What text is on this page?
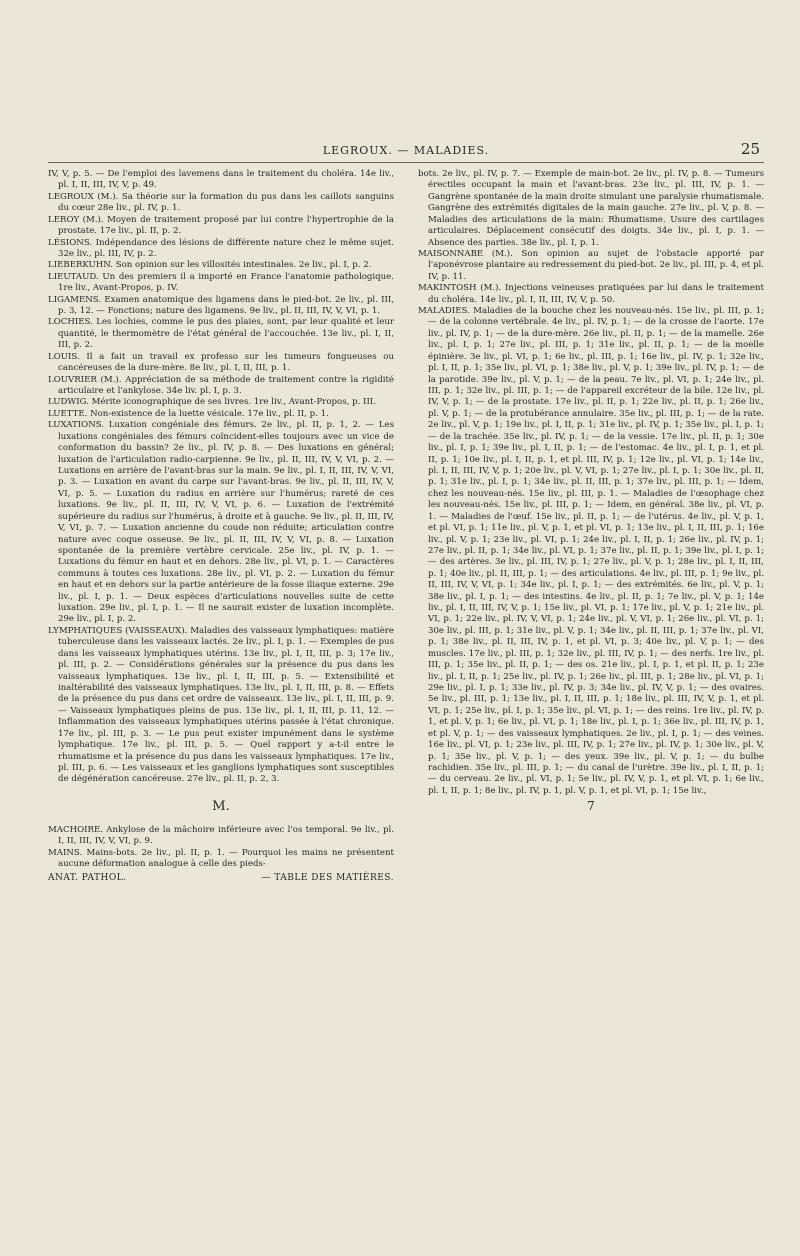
LEGROUX. — MALADIES.	25

IV, V, p. 5. — De l'emploi des lavemens dans le traitement du choléra. 14e liv., pl. I, II, III, IV, V, p. 49.

LEGROUX (M.). Sa théorie sur la formation du pus dans les caillots sanguins du cœur 28e liv., pl. IV, p. 1.

LEROY (M.). Moyen de traitement proposé par lui contre l'hypertrophie de la prostate. 17e liv., pl. II, p. 2.

LÉSIONS. Indépendance des lésions de différente nature chez le même sujet. 32e liv., pl. III, IV, p. 2.

LIEBERKUHN. Son opinion sur les villosités intestinales. 2e liv., pl. I, p. 2.

LIEUTAUD. Un des premiers il a importé en France l'anatomie pathologique. 1re liv., Avant-Propos, p. IV.

LIGAMENS. Examen anatomique des ligamens dans le pied-bot. 2e liv., pl. III, p. 3, 12. — Fonctions; nature des ligamens. 9e liv., pl. II, III, IV, V, VI, p. 1.

LOCHIES. Les lochies, comme le pus des plaies, sont, par leur qualité et leur quantité, le thermomètre de l'état général de l'accouchée. 13e liv., pl. I, II, III, p. 2.

LOUIS. Il a fait un travail ex professo sur les tumeurs fongueuses ou cancéreuses de la dure-mère. 8e liv., pl. I, II, III, p. 1.

LOUVRIER (M.). Appréciation de sa méthode de traitement contre la rigidité articulaire et l'ankylose. 34e liv. pl. I, p. 3.

LUDWIG. Mérite iconographique de ses livres. 1re liv., Avant-Propos, p. III.

LUETTE. Non-existence de la luette vésicale. 17e liv., pl. II, p. 1.

LUXATIONS. Luxation congéniale des fémurs. 2e liv., pl. II, p. 1, 2. — Les luxations congéniales des fémurs coïncident-elles toujours avec un vice de conformation du bassin? 2e liv., pl. IV, p. 8. — Des luxations en général; luxation de l'articulation radio-carpienne. 9e liv., pl. II, III, IV, V, VI, p. 2. — Luxations en arrière de l'avant-bras sur la main. 9e liv., pl. I, II, III, IV, V, VI, p. 3. — Luxation en avant du carpe sur l'avant-bras. 9e liv., pl. II, III, IV, V, VI, p. 5. — Luxation du radius en arrière sur l'humérus; rareté de ces luxations. 9e liv., pl. II, III, IV, V, VI, p. 6. — Luxation de l'extrémité supérieure du radius sur l'humérus, à droite et à gauche. 9e liv., pl. II, III, IV, V, VI, p. 7. — Luxation ancienne du coude non réduite; articulation contre nature avec coque osseuse. 9e liv., pl. II, III, IV, V, VI, p. 8. — Luxation spontanée de la première vertèbre cervicale. 25e liv., pl. IV, p. 1. — Luxations du fémur en haut et en dehors. 28e liv., pl. VI, p. 1. — Caractères communs à toutes ces luxations. 28e liv., pl. VI, p. 2. — Luxation du fémur en haut et en dehors sur la partie antérieure de la fosse iliaque externe. 29e liv., pl. I, p. 1. — Deux espèces d'articulations nouvelles suite de cette luxation. 29e liv., pl. I, p. 1. — Il ne saurait exister de luxation incomplète. 29e liv., pl. I, p. 2.

LYMPHATIQUES (VAISSEAUX). Maladies des vaisseaux lymphatiques: matière tuberculeuse dans les vaisseaux lactés. 2e liv., pl. I, p. 1. — Exemples de pus dans les vaisseaux lymphatiques utérins. 13e liv., pl. I, II, III, p. 3; 17e liv., pl. III, p. 2. — Considérations générales sur la présence du pus dans les vaisseaux lymphatiques. 13e liv., pl. I, II, III, p. 5. — Extensibilité et inaltérabilité des vaisseaux lymphatiques. 13e liv., pl. I, II, III, p. 8. — Effets de la présence du pus dans cet ordre de vaisseaux. 13e liv., pl. I, II, III, p. 9. — Vaisseaux lymphatiques pleins de pus. 13e liv., pl. I, II, III, p. 11, 12. — Inflammation des vaisseaux lymphatiques utérins passée à l'état chronique. 17e liv., pl. III, p. 3. — Le pus peut exister impunément dans le système lymphatique. 17e liv., pl. III, p. 5. — Quel rapport y a-t-il entre le rhumatisme et la présence du pus dans les vaisseaux lymphatiques. 17e liv., pl. III, p. 6. — Les vaisseaux et les ganglions lymphatiques sont susceptibles de dégénération cancéreuse. 27e liv., pl. II, p. 2, 3.

M.

MACHOIRE. Ankylose de la mâchoire inférieure avec l'os temporal. 9e liv., pl. I, II, III, IV, V, VI, p. 9.

MAINS. Mains-bots. 2e liv., pl. II, p. 1. — Pourquoi les mains ne présentent aucune déformation analogue à celle des pieds-

ANAT. PATHOL.	— TABLE DES MATIÈRES.

bots. 2e liv., pl. IV, p. 7. — Exemple de main-bot. 2e liv., pl. IV, p. 8. — Tumeurs érectiles occupant la main et l'avant-bras. 23e liv., pl. III, IV, p. 1. — Gangrène spontanée de la main droite simulant une paralysie rhumatismale. Gangrène des extrémités digitales de la main gauche. 27e liv., pl. V, p. 8. — Maladies des articulations de la main: Rhumatisme. Usure des cartilages articulaires. Déplacement consécutif des doigts. 34e liv., pl. I, p. 1. — Absence des parties. 38e liv., pl. I, p. 1.

MAISONNABE (M.). Son opinion au sujet de l'obstacle apporté par l'aponévrose plantaire au redressement du pied-bot. 2e liv., pl. III, p. 4, et pl. IV, p. 11.

MAKINTOSH (M.). Injections veineuses pratiquées par lui dans le traitement du choléra. 14e liv., pl. I, II, III, IV, V, p. 50.

MALADIES. Maladies de la bouche chez les nouveau-nés. 15e liv., pl. III, p. 1; — de la colonne vertébrale. 4e liv., pl. IV, p. 1; — de la crosse de l'aorte. 17e liv., pl. IV, p. 1; — de la dure-mère. 26e liv., pl. II, p. 1; — de la mamelle. 26e liv., pl. I, p. 1; 27e liv., pl. III, p. 1; 31e liv., pl. II, p. 1; — de la moelle épinière. 3e liv., pl. VI, p. 1; 6e liv., pl. III, p. 1; 16e liv., pl. IV, p. 1; 32e liv., pl. I, II, p. 1; 35e liv., pl. VI, p. 1; 38e liv., pl. V, p. 1; 39e liv., pl. IV, p. 1; — de la parotide. 39e liv., pl. V, p. 1; — de la peau. 7e liv., pl. VI, p. 1; 24e liv., pl. III, p. 1; 32e liv., pl. III, p. 1; — de l'appareil excréteur de la bile. 12e liv., pl. IV, V, p. 1; — de la prostate. 17e liv., pl. II, p. 1; 22e liv., pl. II, p. 1; 26e liv., pl. V, p. 1; — de la protubérance annulaire. 35e liv., pl. III, p. 1; — de la rate. 2e liv., pl. V, p. 1; 19e liv., pl. I, II, p. 1; 31e liv., pl. IV, p. 1; 35e liv., pl. I, p. 1; — de la trachée. 35e liv., pl. IV, p. 1; — de la vessie. 17e liv., pl. II, p. 1; 30e liv., pl. I, p. 1; 39e liv., pl. I, II, p. 1; — de l'estomac. 4e liv., pl. I, p. 1, et pl. II, p. 1; 10e liv., pl. I, II, p. 1, et pl. III, IV, p. 1; 12e liv., pl. VI, p. 1; 14e liv., pl. I, II, III, IV, V, p. 1; 20e liv., pl. V, VI, p. 1; 27e liv., pl. I, p. 1; 30e liv., pl. II, p. 1; 31e liv., pl. I, p. 1; 34e liv., pl. II, III, p. 1; 37e liv., pl. III, p. 1; — Idem, chez les nouveau-nés. 15e liv., pl. III, p. 1. — Maladies de l'œsophage chez les nouveau-nés. 15e liv., pl. III, p. 1; — Idem, en général. 38e liv., pl. VI, p. 1. — Maladies de l'œuf. 15e liv., pl. II, p. 1; — de l'utérus. 4e liv., pl. V, p. 1, et pl. VI, p. 1; 11e liv., pl. V, p. 1, et pl. VI, p. 1; 13e liv., pl. I, II, III, p. 1; 16e liv., pl. V, p. 1; 23e liv., pl. VI, p. 1; 24e liv., pl. I, II, p. 1; 26e liv., pl. IV, p. 1; 27e liv., pl. II, p. 1; 34e liv., pl. VI, p. 1; 37e liv., pl. II, p. 1; 39e liv., pl. I, p. 1; — des artères. 3e liv., pl. III, IV, p. 1; 27e liv., pl. V, p. 1; 28e liv., pl. I, II, III, p. 1; 40e liv., pl. II, III, p. 1; — des articulations. 4e liv., pl. III, p. 1; 9e liv., pl. II, III, IV, V, VI, p. 1; 34e liv., pl. I, p. 1; — des extrémités. 6e liv., pl. V, p. 1; 38e liv., pl. I, p. 1; — des intestins. 4e liv., pl. II, p. 1; 7e liv., pl. V, p. 1; 14e liv., pl. I, II, III, IV, V, p. 1; 15e liv., pl. VI, p. 1; 17e liv., pl. V, p. 1; 21e liv., pl. VI, p. 1; 22e liv., pl. IV, V, VI, p. 1; 24e liv., pl. V, VI, p. 1; 26e liv., pl. VI, p. 1; 30e liv., pl. III, p. 1; 31e liv., pl. V, p. 1; 34e liv., pl. II, III, p. 1; 37e liv., pl. VI, p. 1; 38e liv., pl. II, III, IV, p. 1, et pl. VI, p. 3; 40e liv., pl. V, p. 1; — des muscles. 17e liv., pl. III, p. 1; 32e liv., pl. III, IV, p. 1; — des nerfs. 1re liv., pl. III, p. 1; 35e liv., pl. II, p. 1; — des os. 21e liv., pl. I, p. 1, et pl. II, p. 1; 23e liv., pl. I, II, p. 1; 25e liv., pl. IV, p. 1; 26e liv., pl. III, p. 1; 28e liv., pl. VI, p. 1; 29e liv., pl. I, p. 1; 33e liv., pl. IV, p. 3; 34e liv., pl. IV, V, p. 1; — des ovaires. 5e liv., pl. III, p. 1; 13e liv., pl. I, II, III, p. 1; 18e liv., pl. III, IV, V, p. 1, et pl. VI, p. 1; 25e liv., pl. I, p. 1; 35e liv., pl. VI, p. 1; — des reins. 1re liv., pl. IV, p. 1, et pl. V, p. 1; 6e liv., pl. VI, p. 1; 18e liv., pl. I, p. 1; 36e liv., pl. III, IV, p. 1, et pl. V, p. 1; — des vaisseaux lymphatiques. 2e liv., pl. I, p. 1; — des veines. 16e liv., pl. VI, p. 1; 23e liv., pl. III, IV, p. 1; 27e liv., pl. IV, p. 1; 30e liv., pl. V, p. 1; 35e liv., pl. V, p. 1; — des yeux. 39e liv., pl. V, p. 1; — du bulbe rachidien. 35e liv., pl. III, p. 1; — du canal de l'urètre. 39e liv., pl. I, II, p. 1; — du cerveau. 2e liv., pl. VI, p. 1; 5e liv., pl. IV, V, p. 1, et pl. VI, p. 1; 6e liv., pl. I, II, p. 1; 8e liv., pl. IV, p. 1, pl. V, p. 1, et pl. VI, p. 1; 15e liv.,

7
